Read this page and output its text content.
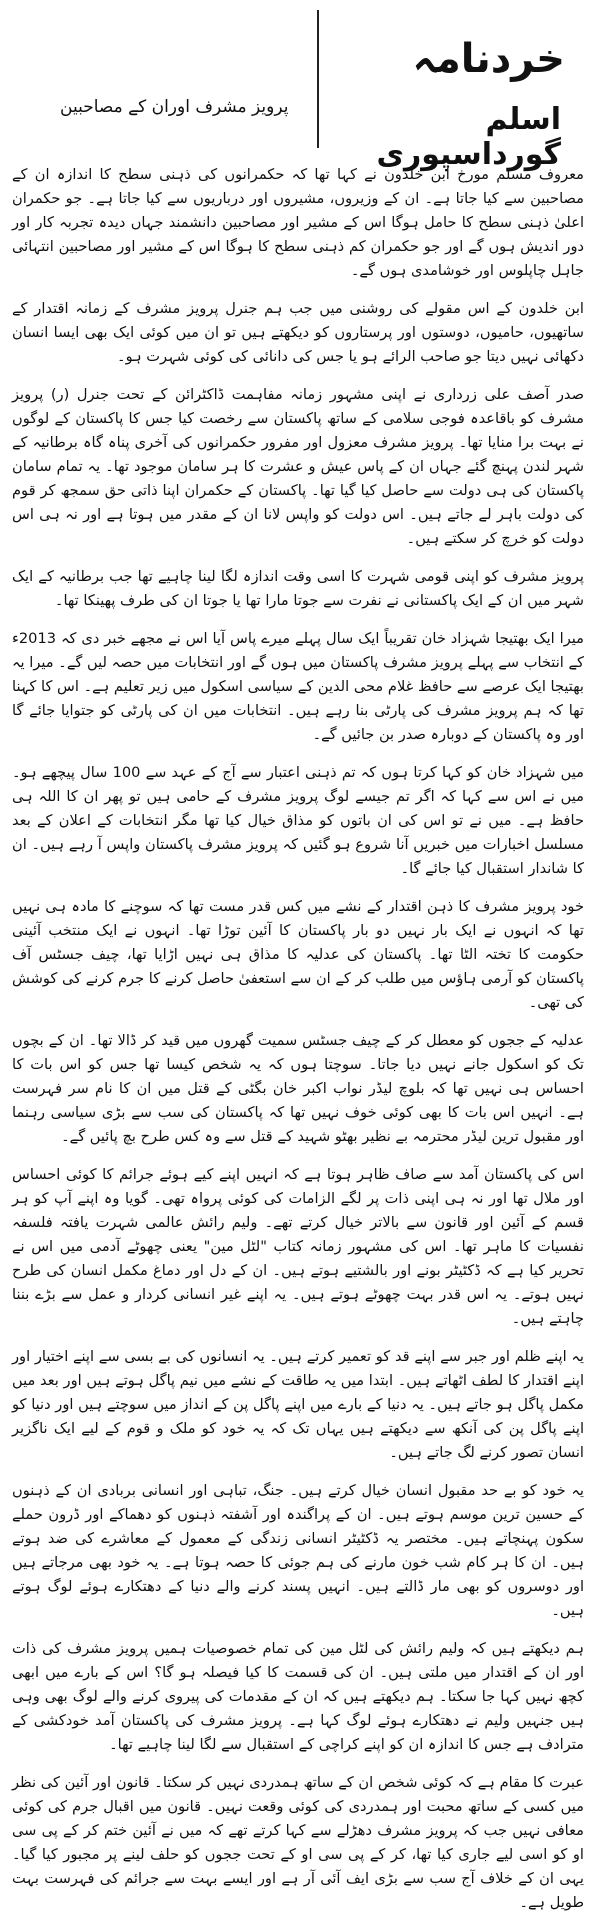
خردنامہ
اسلم گورداسپوری
پرویز مشرف اوران کے مصاحبین

معروف مسلم مورخ ابن خلدون نے کہا تھا کہ حکمرانوں کی ذہنی سطح کا اندازہ ان کے مصاحبین سے کیا جاتا ہے۔ ان کے وزیروں، مشیروں اور درباریوں سے کیا جاتا ہے۔ جو حکمران اعلیٰ ذہنی سطح کا حامل ہوگا اس کے مشیر اور مصاحبین دانشمند جہاں دیدہ تجربہ کار اور دور اندیش ہوں گے اور جو حکمران کم ذہنی سطح کا ہوگا اس کے مشیر اور مصاحبین انتہائی جاہل چاپلوس اور خوشامدی ہوں گے۔

ابن خلدون کے اس مقولے کی روشنی میں جب ہم جنرل پرویز مشرف کے زمانہ اقتدار کے ساتھیوں، حامیوں، دوستوں اور پرستاروں کو دیکھتے ہیں تو ان میں کوئی ایک بھی ایسا انسان دکھائی نہیں دیتا جو صاحب الرائے ہو یا جس کی دانائی کی کوئی شہرت ہو۔

صدر آصف علی زرداری نے اپنی مشہور زمانہ مفاہمت ڈاکٹرائن کے تحت جنرل (ر) پرویز مشرف کو باقاعدہ فوجی سلامی کے ساتھ پاکستان سے رخصت کیا جس کا پاکستان کے لوگوں نے بہت برا منایا تھا۔ پرویز مشرف معزول اور مفرور حکمرانوں کی آخری پناہ گاہ برطانیہ کے شہر لندن پہنچ گئے جہاں ان کے پاس عیش و عشرت کا ہر سامان موجود تھا۔ یہ تمام سامان پاکستان کی ہی دولت سے حاصل کیا گیا تھا۔ پاکستان کے حکمران اپنا ذاتی حق سمجھ کر قوم کی دولت باہر لے جاتے ہیں۔ اس دولت کو واپس لانا ان کے مقدر میں ہوتا ہے اور نہ ہی اس دولت کو خرچ کر سکتے ہیں۔

پرویز مشرف کو اپنی قومی شہرت کا اسی وقت اندازہ لگا لینا چاہیے تھا جب برطانیہ کے ایک شہر میں ان کے ایک پاکستانی نے نفرت سے جوتا مارا تھا یا جوتا ان کی طرف پھینکا تھا۔

میرا ایک بھتیجا شہزاد خان تقریباً ایک سال پہلے میرے پاس آیا اس نے مجھے خبر دی کہ 2013ء کے انتخاب سے پہلے پرویز مشرف پاکستان میں ہوں گے اور انتخابات میں حصہ لیں گے۔ میرا یہ بھتیجا ایک عرصے سے حافظ غلام محی الدین کے سیاسی اسکول میں زیر تعلیم ہے۔ اس کا کہنا تھا کہ ہم پرویز مشرف کی پارٹی بنا رہے ہیں۔ انتخابات میں ان کی پارٹی کو جتوایا جائے گا اور وہ پاکستان کے دوبارہ صدر بن جائیں گے۔

میں شہزاد خان کو کہا کرتا ہوں کہ تم ذہنی اعتبار سے آج کے عہد سے 100 سال پیچھے ہو۔ میں نے اس سے کہا کہ اگر تم جیسے لوگ پرویز مشرف کے حامی ہیں تو پھر ان کا اللہ ہی حافظ ہے۔ میں نے تو اس کی ان باتوں کو مذاق خیال کیا تھا مگر انتخابات کے اعلان کے بعد مسلسل اخبارات میں خبریں آنا شروع ہو گئیں کہ پرویز مشرف پاکستان واپس آ رہے ہیں۔ ان کا شاندار استقبال کیا جائے گا۔

خود پرویز مشرف کا ذہن اقتدار کے نشے میں کس قدر مست تھا کہ سوچنے کا مادہ ہی نہیں تھا کہ انہوں نے ایک بار نہیں دو بار پاکستان کا آئین توڑا تھا۔ انہوں نے ایک منتخب آئینی حکومت کا تختہ الٹا تھا۔ پاکستان کی عدلیہ کا مذاق ہی نہیں اڑایا تھا، چیف جسٹس آف پاکستان کو آرمی ہاؤس میں طلب کر کے ان سے استعفیٰ حاصل کرنے کا جرم کرنے کی کوشش کی تھی۔

عدلیہ کے ججوں کو معطل کر کے چیف جسٹس سمیت گھروں میں قید کر ڈالا تھا۔ ان کے بچوں تک کو اسکول جانے نہیں دیا جاتا۔ سوچتا ہوں کہ یہ شخص کیسا تھا جس کو اس بات کا احساس ہی نہیں تھا کہ بلوچ لیڈر نواب اکبر خان بگٹی کے قتل میں ان کا نام سر فہرست ہے۔ انہیں اس بات کا بھی کوئی خوف نہیں تھا کہ پاکستان کی سب سے بڑی سیاسی رہنما اور مقبول ترین لیڈر محترمہ بے نظیر بھٹو شہید کے قتل سے وہ کس طرح بچ پائیں گے۔

اس کی پاکستان آمد سے صاف ظاہر ہوتا ہے کہ انہیں اپنے کیے ہوئے جرائم کا کوئی احساس اور ملال تھا اور نہ ہی اپنی ذات پر لگے الزامات کی کوئی پرواہ تھی۔ گویا وہ اپنے آپ کو ہر قسم کے آئین اور قانون سے بالاتر خیال کرتے تھے۔ ولیم رائش عالمی شہرت یافتہ فلسفہ نفسیات کا ماہر تھا۔ اس کی مشہور زمانہ کتاب "لٹل مین" یعنی چھوٹے آدمی میں اس نے تحریر کیا ہے کہ ڈکٹیٹر بونے اور بالشتیے ہوتے ہیں۔ ان کے دل اور دماغ مکمل انسان کی طرح نہیں ہوتے۔ یہ اس قدر بہت چھوٹے ہوتے ہیں۔ یہ اپنے غیر انسانی کردار و عمل سے بڑے بننا چاہتے ہیں۔

یہ اپنے ظلم اور جبر سے اپنے قد کو تعمیر کرتے ہیں۔ یہ انسانوں کی بے بسی سے اپنے اختیار اور اپنے اقتدار کا لطف اٹھاتے ہیں۔ ابتدا میں یہ طاقت کے نشے میں نیم پاگل ہوتے ہیں اور بعد میں مکمل پاگل ہو جاتے ہیں۔ یہ دنیا کے بارے میں اپنے پاگل پن کے انداز میں سوچتے ہیں اور دنیا کو اپنے پاگل پن کی آنکھ سے دیکھتے ہیں یہاں تک کہ یہ خود کو ملک و قوم کے لیے ایک ناگزیر انسان تصور کرنے لگ جاتے ہیں۔

یہ خود کو بے حد مقبول انسان خیال کرتے ہیں۔ جنگ، تباہی اور انسانی بربادی ان کے ذہنوں کے حسین ترین موسم ہوتے ہیں۔ ان کے پراگندہ اور آشفتہ ذہنوں کو دھماکے اور ڈرون حملے سکون پہنچاتے ہیں۔ مختصر یہ ڈکٹیٹر انسانی زندگی کے معمول کے معاشرے کی ضد ہوتے ہیں۔ ان کا ہر کام شب خون مارنے کی ہم جوئی کا حصہ ہوتا ہے۔ یہ خود بھی مرجاتے ہیں اور دوسروں کو بھی مار ڈالتے ہیں۔ انہیں پسند کرنے والے دنیا کے دھتکارے ہوئے لوگ ہوتے ہیں۔

ہم دیکھتے ہیں کہ ولیم رائش کی لٹل مین کی تمام خصوصیات ہمیں پرویز مشرف کی ذات اور ان کے اقتدار میں ملتی ہیں۔ ان کی قسمت کا کیا فیصلہ ہو گا؟ اس کے بارے میں ابھی کچھ نہیں کہا جا سکتا۔ ہم دیکھتے ہیں کہ ان کے مقدمات کی پیروی کرنے والے لوگ بھی وہی ہیں جنہیں ولیم نے دھتکارے ہوئے لوگ کہا ہے۔ پرویز مشرف کی پاکستان آمد خودکشی کے مترادف ہے جس کا اندازہ ان کو اپنے کراچی کے استقبال سے لگا لینا چاہیے تھا۔

عبرت کا مقام ہے کہ کوئی شخص ان کے ساتھ ہمدردی نہیں کر سکتا۔ قانون اور آئین کی نظر میں کسی کے ساتھ محبت اور ہمدردی کی کوئی وقعت نہیں۔ قانون میں اقبال جرم کی کوئی معافی نہیں جب کہ پرویز مشرف دھڑلے سے کہا کرتے تھے کہ میں نے آئین ختم کر کے پی سی او کو اسی لیے جاری کیا تھا، کر کے پی سی او کے تحت ججوں کو حلف لینے پر مجبور کیا گیا۔ یہی ان کے خلاف آج سب سے بڑی ایف آئی آر ہے اور ایسے بہت سے جرائم کی فہرست بہت طویل ہے۔
